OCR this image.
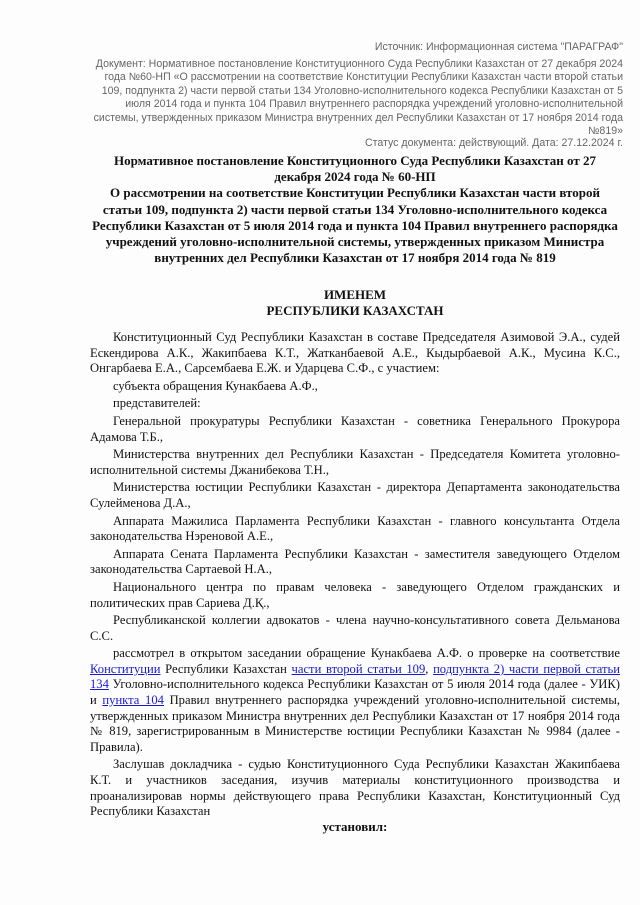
Источник: Информационная система "ПАРАГРАФ"
Документ: Нормативное постановление Конституционного Суда Республики Казахстан от 27 декабря 2024 года №60-НП «О рассмотрении на соответствие Конституции Республики Казахстан части второй статьи 109, подпункта 2) части первой статьи 134 Уголовно-исполнительного кодекса Республики Казахстан от 5 июля 2014 года и пункта 104 Правил внутреннего распорядка учреждений уголовно-исполнительной системы, утвержденных приказом Министра внутренних дел Республики Казахстан от 17 ноября 2014 года №819»
Статус документа: действующий. Дата: 27.12.2024 г.
Нормативное постановление Конституционного Суда Республики Казахстан от 27 декабря 2024 года № 60-НП
О рассмотрении на соответствие Конституции Республики Казахстан части второй статьи 109, подпункта 2) части первой статьи 134 Уголовно-исполнительного кодекса Республики Казахстан от 5 июля 2014 года и пункта 104 Правил внутреннего распорядка учреждений уголовно-исполнительной системы, утвержденных приказом Министра внутренних дел Республики Казахстан от 17 ноября 2014 года № 819
ИМЕНЕМ
РЕСПУБЛИКИ КАЗАХСТАН

Конституционный Суд Республики Казахстан в составе Председателя Азимовой Э.А., судей Ескендирова А.К., Жакипбаева К.Т., Жатканбаевой А.Е., Кыдырбаевой А.К., Мусина К.С., Онгарбаева Е.А., Сарсембаева Е.Ж. и Ударцева С.Ф., с участием:

субъекта обращения Кунакбаева А.Ф.,

представителей:

Генеральной прокуратуры Республики Казахстан - советника Генерального Прокурора Адамова Т.Б.,

Министерства внутренних дел Республики Казахстан - Председателя Комитета уголовно-исполнительной системы Джанибекова Т.Н.,

Министерства юстиции Республики Казахстан - директора Департамента законодательства Сулейменова Д.А.,

Аппарата Мажилиса Парламента Республики Казахстан - главного консультанта Отдела законодательства Нэреновой А.Е.,

Аппарата Сената Парламента Республики Казахстан - заместителя заведующего Отделом законодательства Сартаевой Н.А.,

Национального центра по правам человека - заведующего Отделом гражданских и политических прав Сариева Д.Қ.,

Республиканской коллегии адвокатов - члена научно-консультативного совета Дельманова С.С.

рассмотрел в открытом заседании обращение Кунакбаева А.Ф. о проверке на соответствие Конституции Республики Казахстан части второй статьи 109, подпункта 2) части первой статьи 134 Уголовно-исполнительного кодекса Республики Казахстан от 5 июля 2014 года (далее - УИК) и пункта 104 Правил внутреннего распорядка учреждений уголовно-исполнительной системы, утвержденных приказом Министра внутренних дел Республики Казахстан от 17 ноября 2014 года № 819, зарегистрированным в Министерстве юстиции Республики Казахстан № 9984 (далее - Правила).

Заслушав докладчика - судью Конституционного Суда Республики Казахстан Жакипбаева К.Т. и участников заседания, изучив материалы конституционного производства и проанализировав нормы действующего права Республики Казахстан, Конституционный Суд Республики Казахстан

установил:
